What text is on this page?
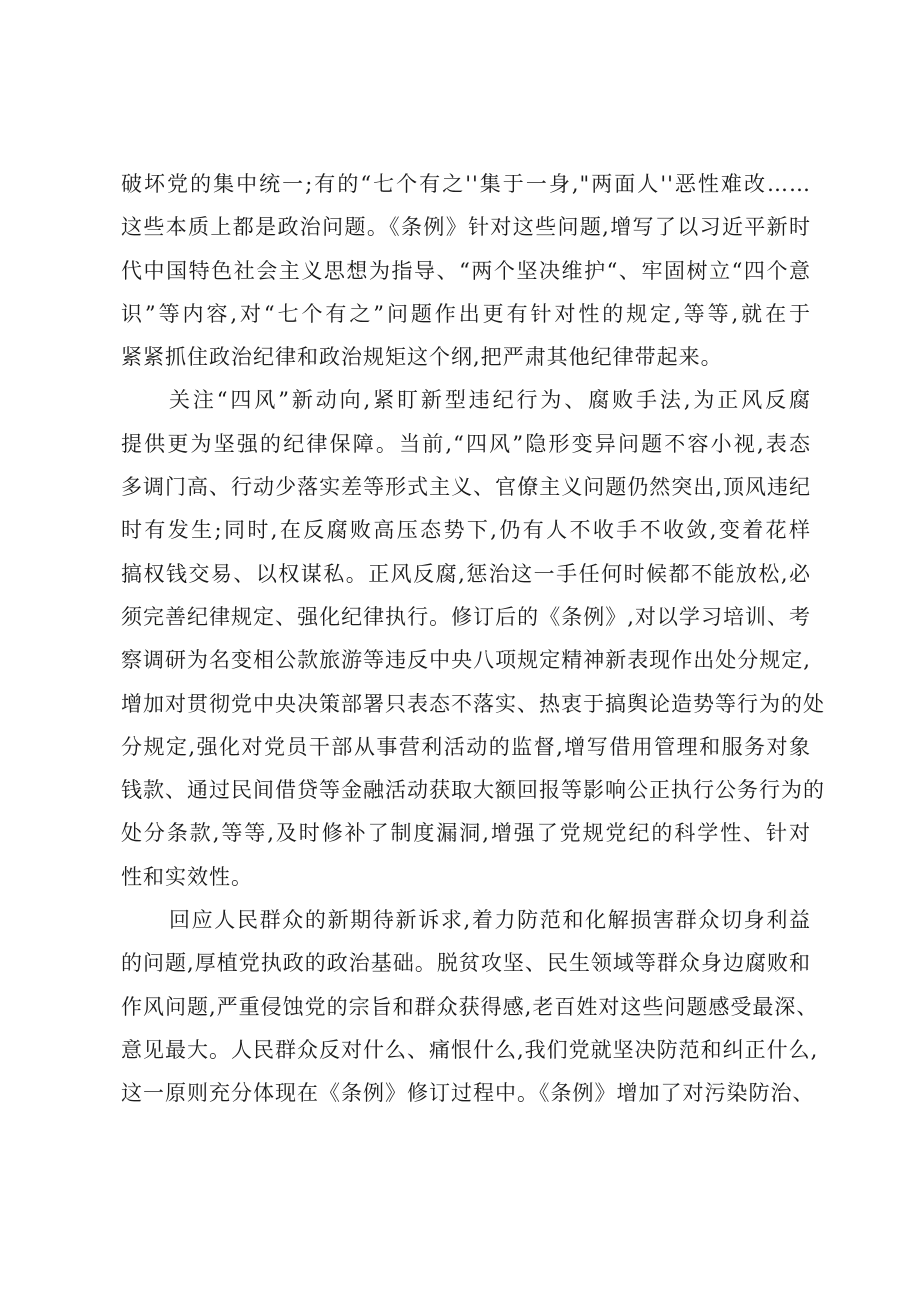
破坏党的集中统一;有的“七个有之''集于一身,"两面人''恶性难改……
这些本质上都是政治问题。《条例》针对这些问题,增写了以习近平新时
代中国特色社会主义思想为指导、“两个坚决维护“、牢固树立“四个意
识”等内容,对“七个有之”问题作出更有针对性的规定,等等,就在于
紧紧抓住政治纪律和政治规矩这个纲,把严肃其他纪律带起来。
关注“四风”新动向,紧盯新型违纪行为、腐败手法,为正风反腐
提供更为坚强的纪律保障。当前,“四风”隐形变异问题不容小视,表态
多调门高、行动少落实差等形式主义、官僚主义问题仍然突出,顶风违纪
时有发生;同时,在反腐败高压态势下,仍有人不收手不收敛,变着花样
搞权钱交易、以权谋私。正风反腐,惩治这一手任何时候都不能放松,必
须完善纪律规定、强化纪律执行。修订后的《条例》,对以学习培训、考
察调研为名变相公款旅游等违反中央八项规定精神新表现作出处分规定,
增加对贯彻党中央决策部署只表态不落实、热衷于搞舆论造势等行为的处
分规定,强化对党员干部从事营利活动的监督,增写借用管理和服务对象
钱款、通过民间借贷等金融活动获取大额回报等影响公正执行公务行为的
处分条款,等等,及时修补了制度漏洞,增强了党规党纪的科学性、针对
性和实效性。
回应人民群众的新期待新诉求,着力防范和化解损害群众切身利益
的问题,厚植党执政的政治基础。脱贫攻坚、民生领域等群众身边腐败和
作风问题,严重侵蚀党的宗旨和群众获得感,老百姓对这些问题感受最深、
意见最大。人民群众反对什么、痛恨什么,我们党就坚决防范和纠正什么,
这一原则充分体现在《条例》修订过程中。《条例》增加了对污染防治、
